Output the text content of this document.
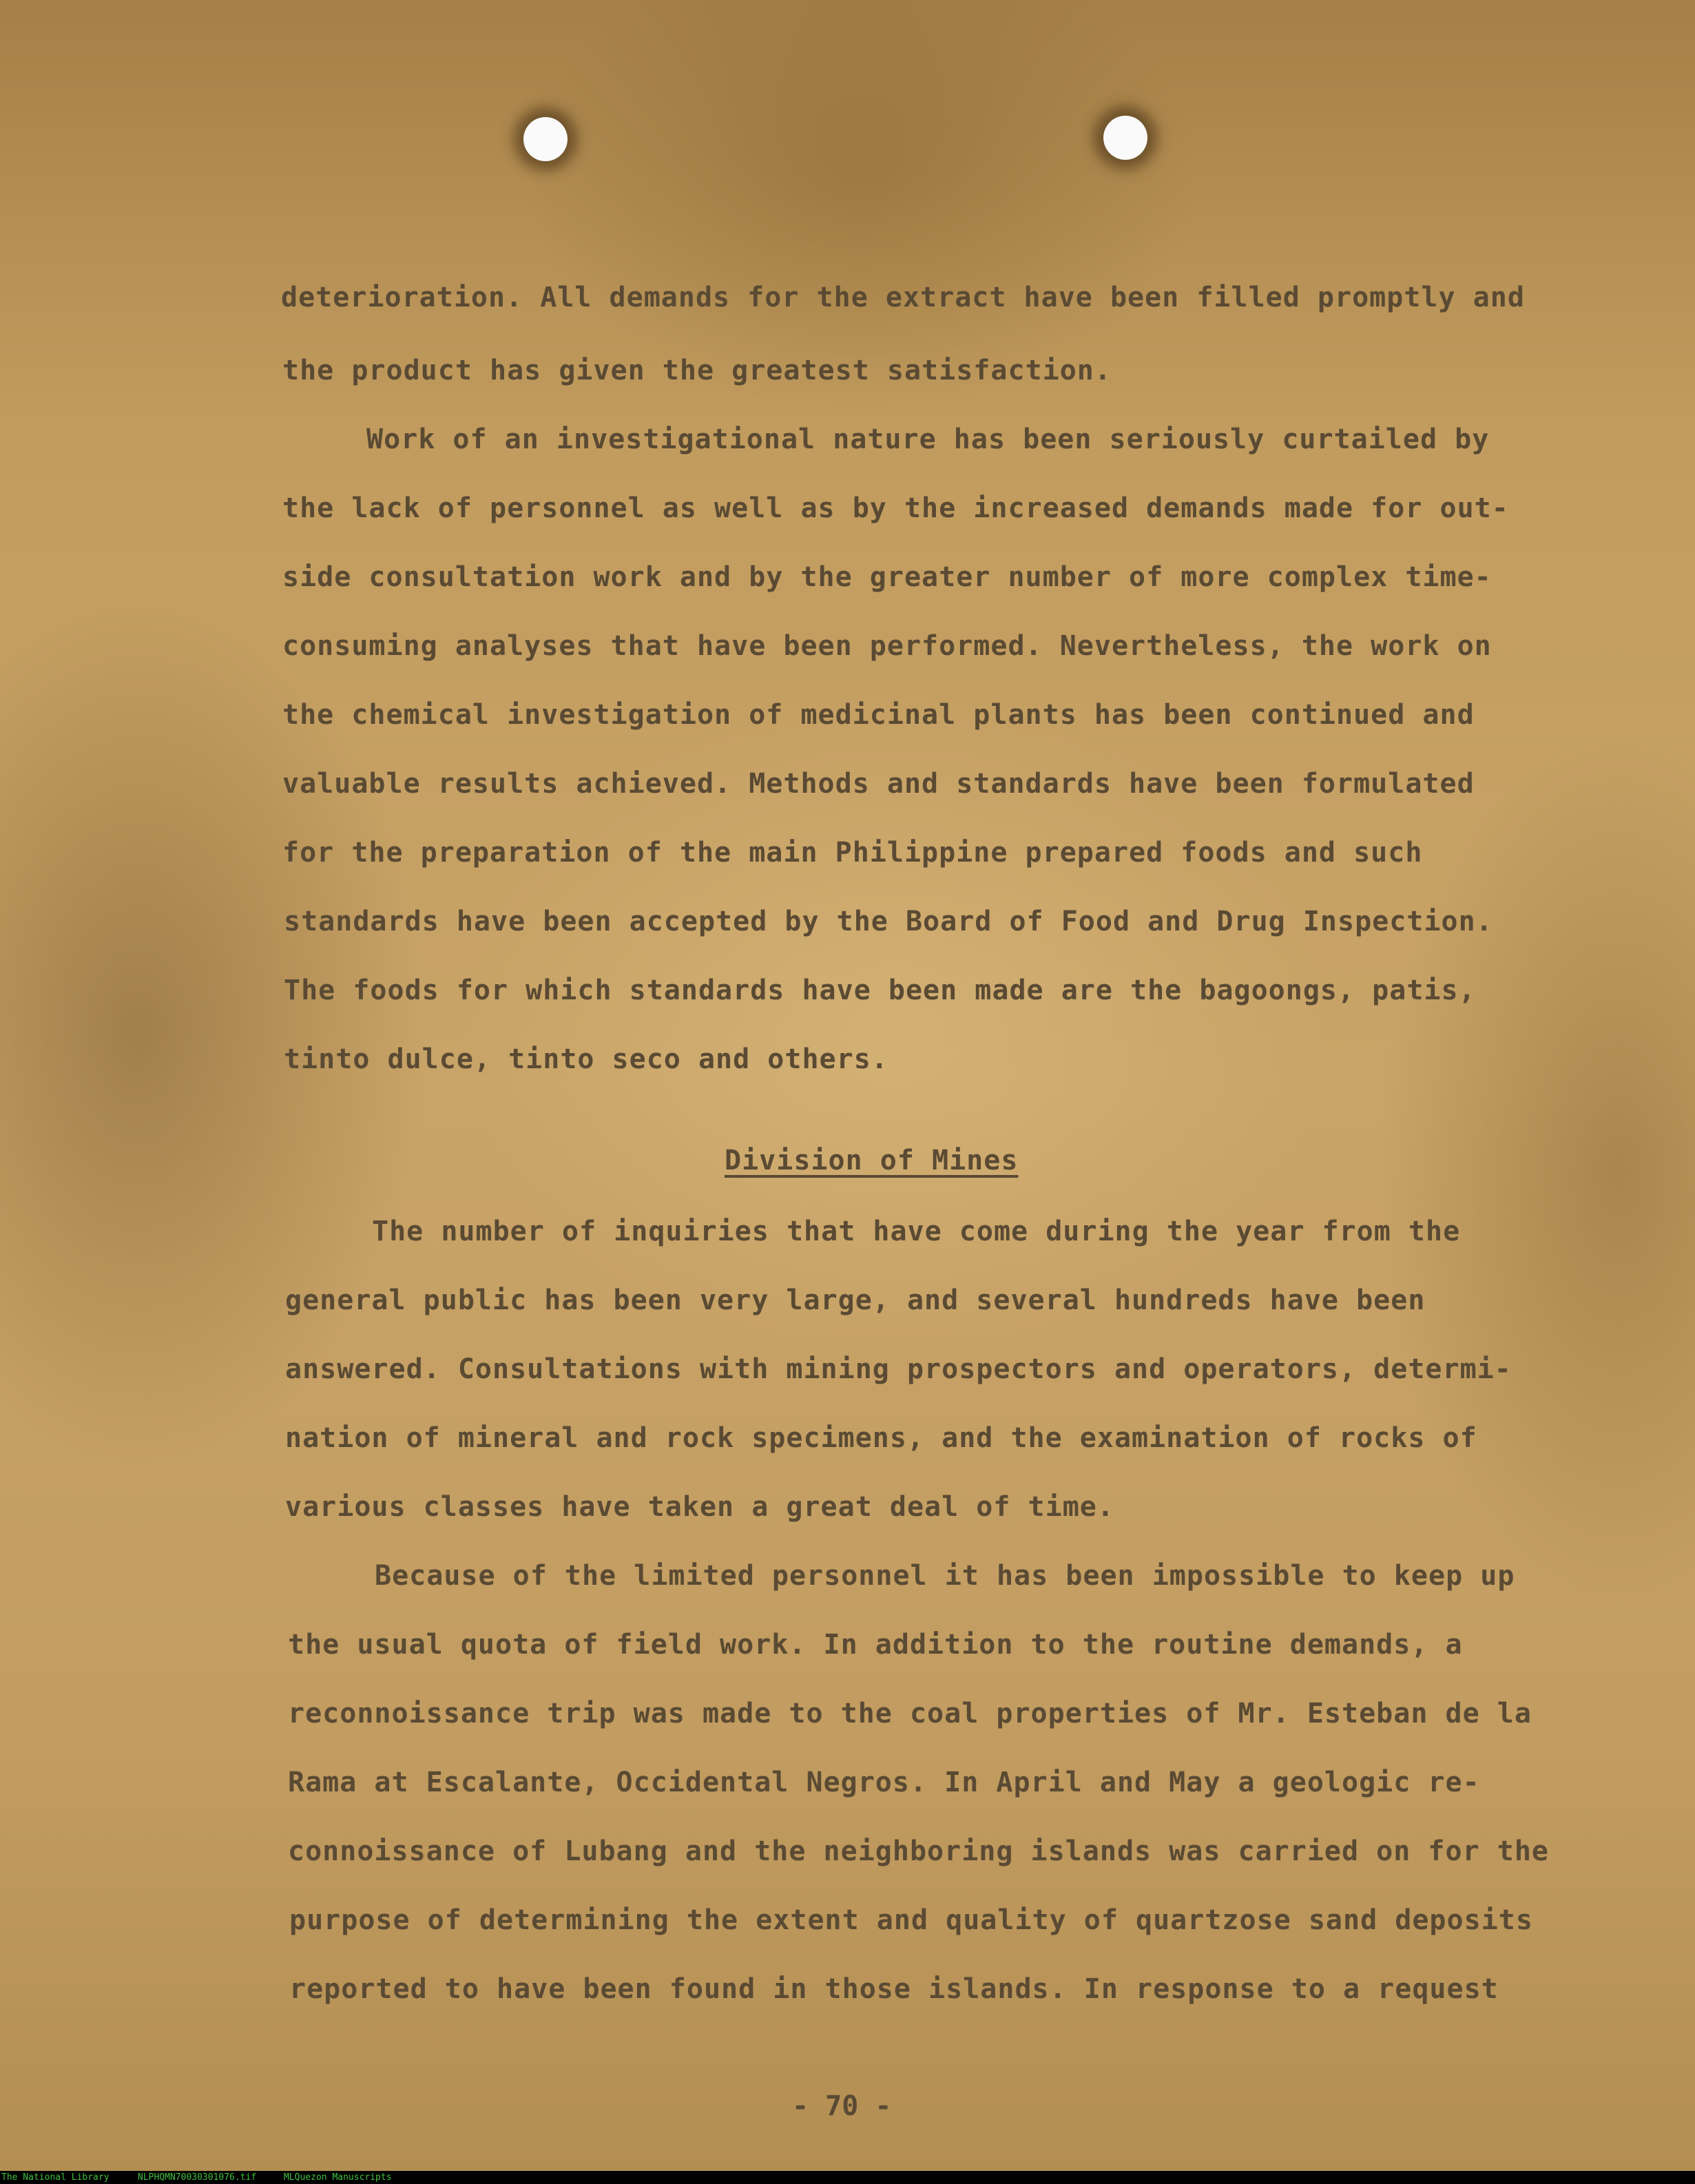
deterioration. All demands for the extract have been filled promptly and
the product has given the greatest satisfaction.
Work of an investigational nature has been seriously curtailed by
the lack of personnel as well as by the increased demands made for out-
side consultation work and by the greater number of more complex time-
consuming analyses that have been performed. Nevertheless, the work on
the chemical investigation of medicinal plants has been continued and
valuable results achieved. Methods and standards have been formulated
for the preparation of the main Philippine prepared foods and such
standards have been accepted by the Board of Food and Drug Inspection.
The foods for which standards have been made are the bagoongs, patis,
tinto dulce, tinto seco and others.
Division of Mines
The number of inquiries that have come during the year from the
general public has been very large, and several hundreds have been
answered. Consultations with mining prospectors and operators, determi-
nation of mineral and rock specimens, and the examination of rocks of
various classes have taken a great deal of time.
Because of the limited personnel it has been impossible to keep up
the usual quota of field work. In addition to the routine demands, a
reconnoissance trip was made to the coal properties of Mr. Esteban de la
Rama at Escalante, Occidental Negros. In April and May a geologic re-
connoissance of Lubang and the neighboring islands was carried on for the
purpose of determining the extent and quality of quartzose sand deposits
reported to have been found in those islands. In response to a request
- 70 -
The National Library	NLPHQMN70030301076.tif	MLQuezon Manuscripts
